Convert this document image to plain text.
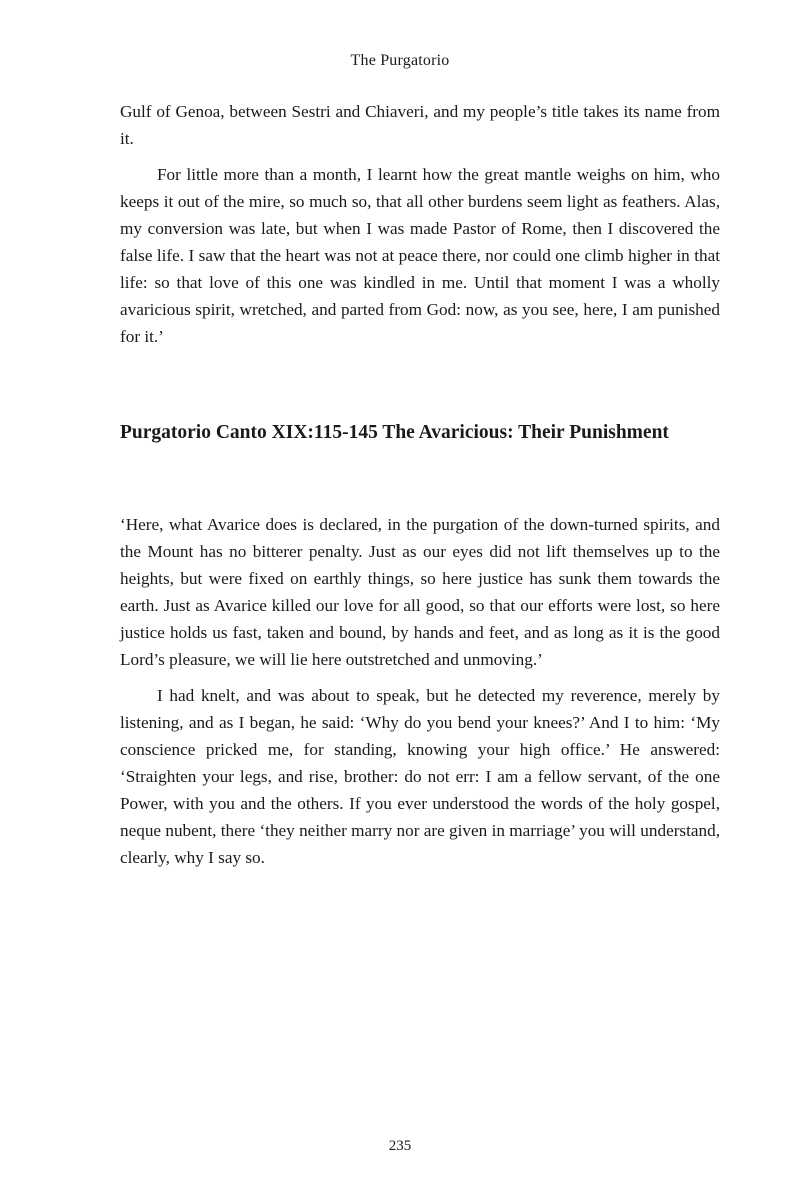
The Purgatorio

Gulf of Genoa, between Sestri and Chiaveri, and my people’s title takes its name from it.

For little more than a month, I learnt how the great mantle weighs on him, who keeps it out of the mire, so much so, that all other burdens seem light as feathers. Alas, my conversion was late, but when I was made Pastor of Rome, then I discovered the false life. I saw that the heart was not at peace there, nor could one climb higher in that life: so that love of this one was kindled in me. Until that moment I was a wholly avaricious spirit, wretched, and parted from God: now, as you see, here, I am punished for it.’

Purgatorio Canto XIX:115-145 The Avaricious: Their Punishment

‘Here, what Avarice does is declared, in the purgation of the down-turned spirits, and the Mount has no bitterer penalty. Just as our eyes did not lift themselves up to the heights, but were fixed on earthly things, so here justice has sunk them towards the earth. Just as Avarice killed our love for all good, so that our efforts were lost, so here justice holds us fast, taken and bound, by hands and feet, and as long as it is the good Lord’s pleasure, we will lie here outstretched and unmoving.’

I had knelt, and was about to speak, but he detected my reverence, merely by listening, and as I began, he said: ‘Why do you bend your knees?’ And I to him: ‘My conscience pricked me, for standing, knowing your high office.’ He answered: ‘Straighten your legs, and rise, brother: do not err: I am a fellow servant, of the one Power, with you and the others. If you ever understood the words of the holy gospel, neque nubent, there ‘they neither marry nor are given in marriage’ you will understand, clearly, why I say so.

235
